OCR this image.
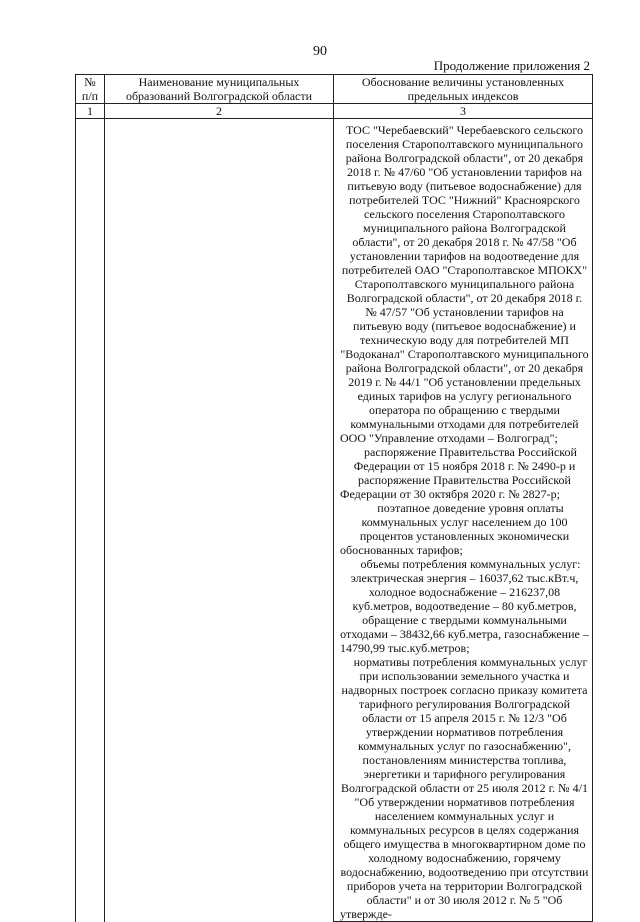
90
Продолжение приложения 2
№ п/п	Наименование муниципальных образований Волгоградской области	Обоснование величины установленных предельных индексов
1	2	3

		ТОС "Черебаевский" Черебаевского сельского поселения Старополтавского муниципального района Волгоградской области", от 20 декабря 2018 г. № 47/60 "Об установлении тарифов на питьевую воду (питьевое водоснабжение) для потребителей ТОС "Нижний" Красноярского сельского поселения Старополтавского муниципального района Волгоградской области", от 20 декабря 2018 г. № 47/58 "Об установлении тарифов на водоотведение для потребителей ОАО "Старополтавское МПОКХ" Старополтавского муниципального района Волгоградской области", от 20 декабря 2018 г. № 47/57 "Об установлении тарифов на питьевую воду (питьевое водоснабжение) и техническую воду для потребителей МП "Водоканал" Старополтавского муниципального района Волгоградской области", от 20 декабря 2019 г. № 44/1 "Об установлении предельных единых тарифов на услугу регионального оператора по обращению с твердыми коммунальными отходами для потребителей ООО "Управление отходами – Волгоград";

распоряжение Правительства Российской Федерации от 15 ноября 2018 г. № 2490-р и распоряжение Правительства Российской Федерации от 30 октября 2020 г. № 2827-р;

поэтапное доведение уровня оплаты коммунальных услуг населением до 100 процентов установленных экономически обоснованных тарифов;

объемы потребления коммунальных услуг: электрическая энергия – 16037,62 тыс.кВт.ч, холодное водоснабжение – 216237,08 куб.метров, водоотведение – 80 куб.метров, обращение с твердыми коммунальными отходами – 38432,66 куб.метра, газоснабжение – 14790,99 тыс.куб.метров;

нормативы потребления коммунальных услуг при использовании земельного участка и надворных построек согласно приказу комитета тарифного регулирования Волгоградской области от 15 апреля 2015 г. № 12/3 "Об утверждении нормативов потребления коммунальных услуг по газоснабжению", постановлениям министерства топлива, энергетики и тарифного регулирования Волгоградской области от 25 июля 2012 г. № 4/1 "Об утверждении нормативов потребления населением коммунальных услуг и коммунальных ресурсов в целях содержания общего имущества в многоквартирном доме по холодному водоснабжению, горячему водоснабжению, водоотведению при отсутствии приборов учета на территории Волгоградской области" и от 30 июля 2012 г. № 5 "Об утвержде-
